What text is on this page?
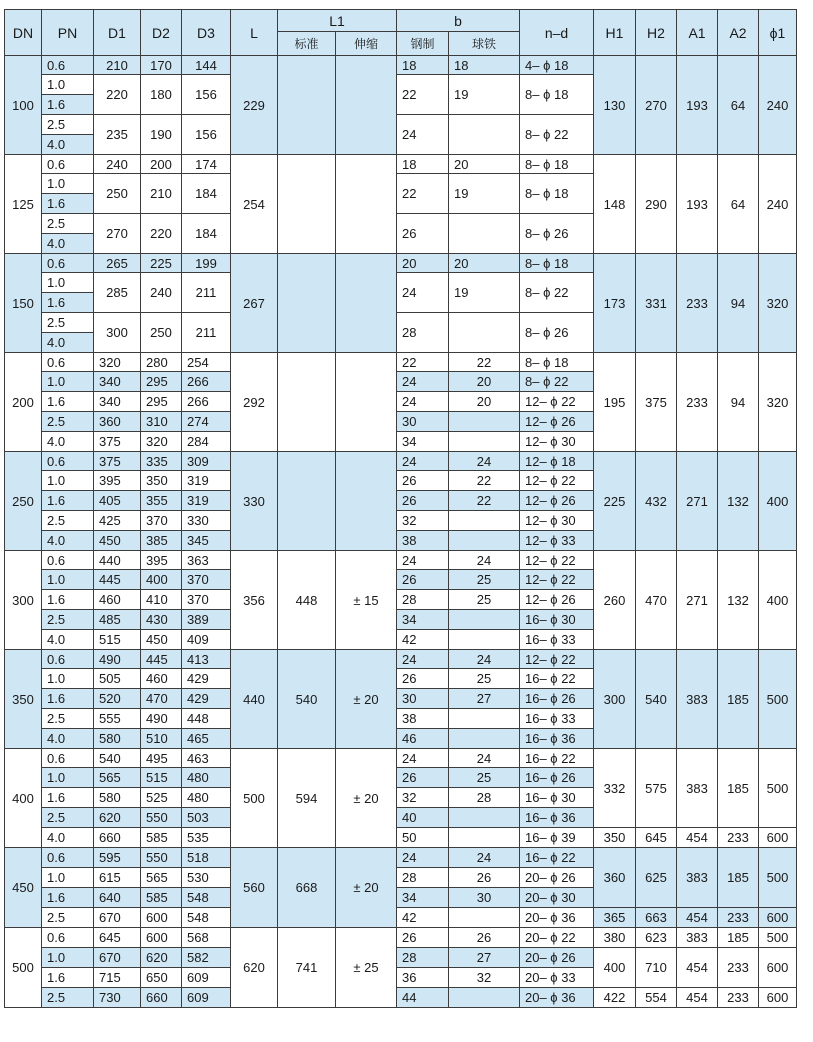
DN	PN	D1	D2	D3	L	L1		b		n–d	H1	H2	A1	A2	ϕ1
						标准	伸缩	钢制	球铁						
100	0.6	210	170	144	229			18	18	4– ϕ 18	130	270	193	64	240
	1.0	220	180	156				22	19	8– ϕ 18					
	1.6														
	2.5	235	190	156				24		8– ϕ 22					
	4.0														
125	0.6	240	200	174	254			18	20	8– ϕ 18	148	290	193	64	240
	1.0	250	210	184				22	19	8– ϕ 18					
	1.6														
	2.5	270	220	184				26		8– ϕ 26					
	4.0														
150	0.6	265	225	199	267			20	20	8– ϕ 18	173	331	233	94	320
	1.0	285	240	211				24	19	8– ϕ 22					
	1.6														
	2.5	300	250	211				28		8– ϕ 26					
	4.0														
200	0.6	320	280	254	292			22	22	8– ϕ 18	195	375	233	94	320
	1.0	340	295	266				24	20	8– ϕ 22					
	1.6	340	295	266				24	20	12– ϕ 22					
	2.5	360	310	274				30		12– ϕ 26					
	4.0	375	320	284				34		12– ϕ 30					
250	0.6	375	335	309	330			24	24	12– ϕ 18	225	432	271	132	400
	1.0	395	350	319				26	22	12– ϕ 22					
	1.6	405	355	319				26	22	12– ϕ 26					
	2.5	425	370	330				32		12– ϕ 30					
	4.0	450	385	345				38		12– ϕ 33					
300	0.6	440	395	363	356	448	± 15	24	24	12– ϕ 22	260	470	271	132	400
	1.0	445	400	370				26	25	12– ϕ 22					
	1.6	460	410	370				28	25	12– ϕ 26					
	2.5	485	430	389				34		16– ϕ 30					
	4.0	515	450	409				42		16– ϕ 33					
350	0.6	490	445	413	440	540	± 20	24	24	12– ϕ 22	300	540	383	185	500
	1.0	505	460	429				26	25	16– ϕ 22					
	1.6	520	470	429				30	27	16– ϕ 26					
	2.5	555	490	448				38		16– ϕ 33					
	4.0	580	510	465				46		16– ϕ 36					
400	0.6	540	495	463	500	594	± 20	24	24	16– ϕ 22	332	575	383	185	500
	1.0	565	515	480				26	25	16– ϕ 26					
	1.6	580	525	480				32	28	16– ϕ 30					
	2.5	620	550	503				40		16– ϕ 36					
	4.0	660	585	535				50		16– ϕ 39	350	645	454	233	600
450	0.6	595	550	518	560	668	± 20	24	24	16– ϕ 22	360	625	383	185	500
	1.0	615	565	530				28	26	20– ϕ 26					
	1.6	640	585	548				34	30	20– ϕ 30					
	2.5	670	600	548				42		20– ϕ 36	365	663	454	233	600
500	0.6	645	600	568	620	741	± 25	26	26	20– ϕ 22	380	623	383	185	500
	1.0	670	620	582				28	27	20– ϕ 26	400	710	454	233	600
	1.6	715	650	609				36	32	20– ϕ 33					
	2.5	730	660	609				44		20– ϕ 36	422	554	454	233	600
